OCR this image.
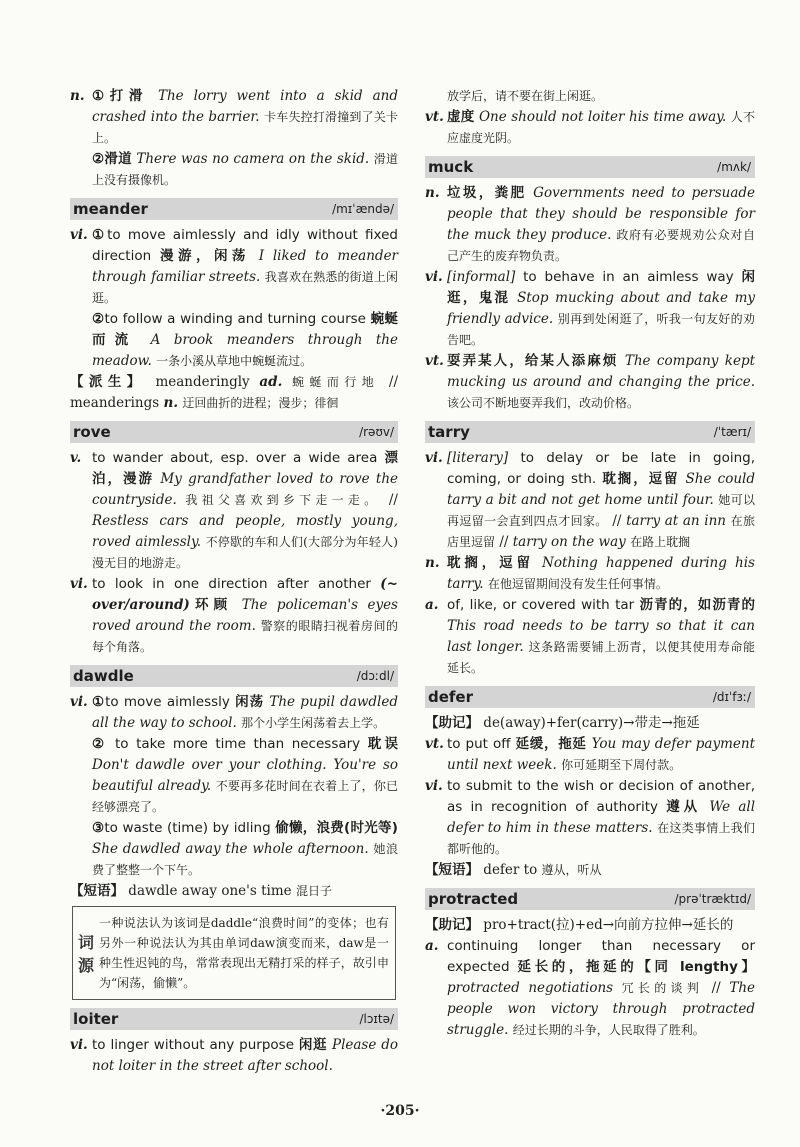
n. ①打滑 The lorry went into a skid and crashed into the barrier. 卡车失控打滑撞到了关卡上。
②滑道 There was no camera on the skid. 滑道上没有摄像机。
meander	/mɪˈændə/
vi. ①to move aimlessly and idly without fixed direction 漫游，闲荡 I liked to meander through familiar streets. 我喜欢在熟悉的街道上闲逛。
②to follow a winding and turning course 蜿蜒而流 A brook meanders through the meadow. 一条小溪从草地中蜿蜒流过。
【派生】 meanderingly ad. 蜿蜒而行地 // meanderings n. 迂回曲折的进程；漫步；徘徊
rove	/rəʊv/
v. to wander about, esp. over a wide area 漂泊，漫游 My grandfather loved to rove the countryside. 我祖父喜欢到乡下走一走。 // Restless cars and people, mostly young, roved aimlessly. 不停歇的车和人们(大部分为年轻人)漫无目的地游走。
vi. to look in one direction after another (~ over/around)环顾 The policeman's eyes roved around the room. 警察的眼睛扫视着房间的每个角落。
dawdle	/dɔːdl/
vi. ①to move aimlessly 闲荡 The pupil dawdled all the way to school. 那个小学生闲荡着去上学。
② to take more time than necessary 耽误 Don't dawdle over your clothing. You're so beautiful already. 不要再多花时间在衣着上了，你已经够漂亮了。
③to waste (time) by idling 偷懒，浪费(时光等) She dawdled away the whole afternoon. 她浪费了整整一个下午。
【短语】 dawdle away one's time 混日子
词
源
一种说法认为该词是daddle“浪费时间”的变体；也有另外一种说法认为其由单词daw演变而来，daw是一种生性迟钝的鸟，常常表现出无精打采的样子，故引申为“闲荡，偷懒”。
loiter	/lɔɪtə/
vi. to linger without any purpose 闲逛 Please do not loiter in the street after school.
放学后，请不要在街上闲逛。
vt. 虚度 One should not loiter his time away. 人不应虚度光阴。
muck	/mʌk/
n. 垃圾，粪肥 Governments need to persuade people that they should be responsible for the muck they produce. 政府有必要规劝公众对自己产生的废弃物负责。
vi. [informal] to behave in an aimless way 闲逛，鬼混 Stop mucking about and take my friendly advice. 别再到处闲逛了，听我一句友好的劝告吧。
vt. 耍弄某人，给某人添麻烦 The company kept mucking us around and changing the price. 该公司不断地耍弄我们，改动价格。
tarry	/ˈtærɪ/
vi. [literary] to delay or be late in going, coming, or doing sth. 耽搁，逗留 She could tarry a bit and not get home until four. 她可以再逗留一会直到四点才回家。 // tarry at an inn 在旅店里逗留 // tarry on the way 在路上耽搁
n. 耽搁，逗留 Nothing happened during his tarry. 在他逗留期间没有发生任何事情。
a. of, like, or covered with tar 沥青的，如沥青的 This road needs to be tarry so that it can last longer. 这条路需要铺上沥青，以便其使用寿命能延长。
defer	/dɪˈfɜː/
【助记】 de(away)+fer(carry)→带走→拖延
vt. to put off 延缓，拖延 You may defer payment until next week. 你可延期至下周付款。
vi. to submit to the wish or decision of another, as in recognition of authority 遵从 We all defer to him in these matters. 在这类事情上我们都听他的。
【短语】 defer to 遵从，听从
protracted	/prəˈtræktɪd/
【助记】 pro+tract(拉)+ed→向前方拉伸→延长的
a. continuing longer than necessary or expected 延长的，拖延的【同 lengthy】 protracted negotiations 冗长的谈判 // The people won victory through protracted struggle. 经过长期的斗争，人民取得了胜利。
·205·
